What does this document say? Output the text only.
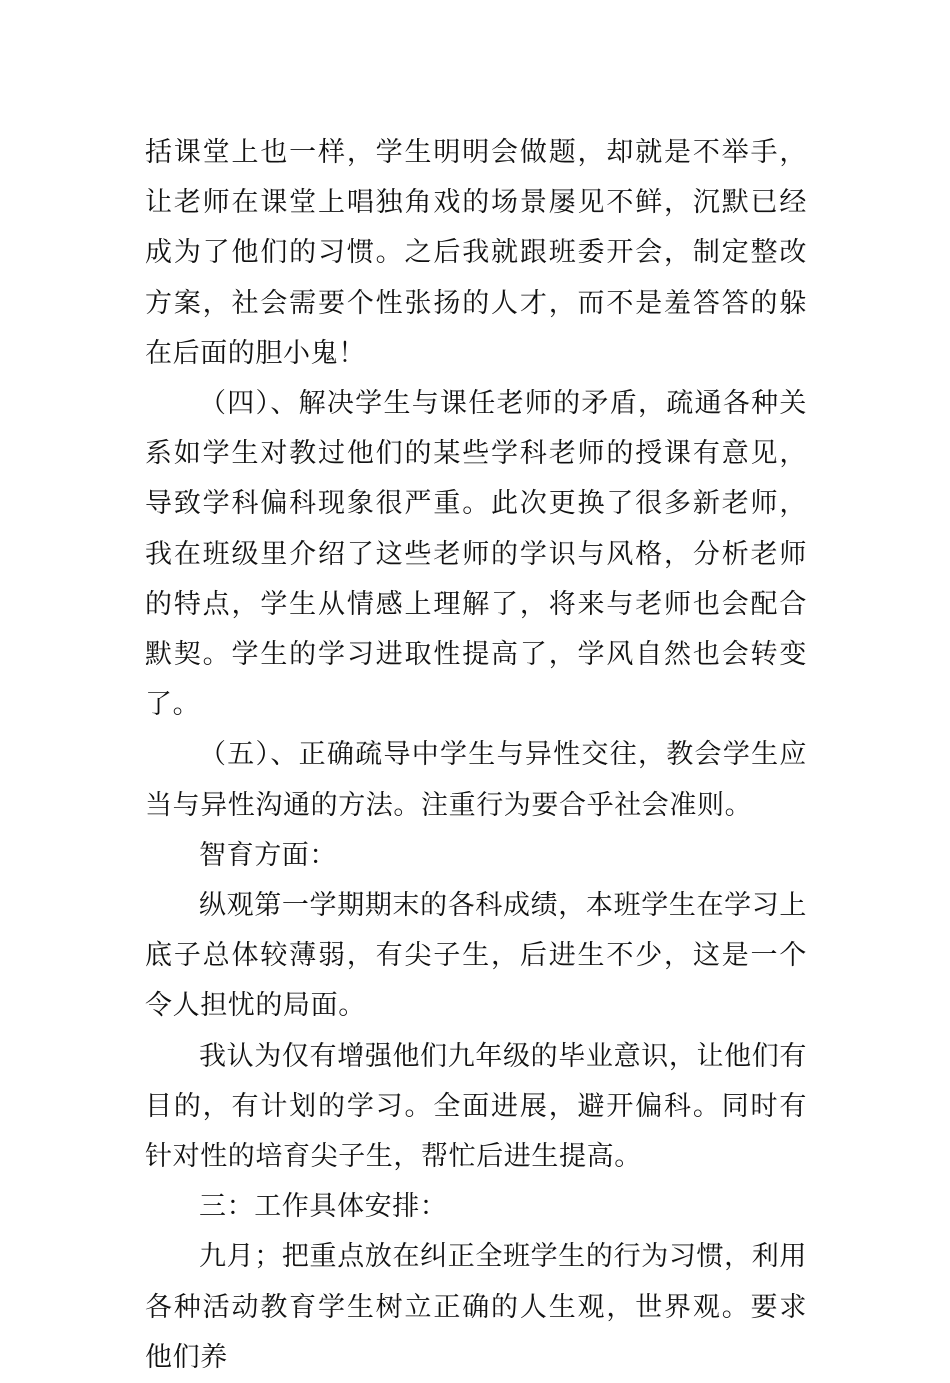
括课堂上也一样，学生明明会做题，却就是不举手，让老师在课堂上唱独角戏的场景屡见不鲜，沉默已经成为了他们的习惯。之后我就跟班委开会，制定整改方案，社会需要个性张扬的人才，而不是羞答答的躲在后面的胆小鬼！

（四）、解决学生与课任老师的矛盾，疏通各种关系如学生对教过他们的某些学科老师的授课有意见，导致学科偏科现象很严重。此次更换了很多新老师，我在班级里介绍了这些老师的学识与风格，分析老师的特点，学生从情感上理解了，将来与老师也会配合默契。学生的学习进取性提高了，学风自然也会转变了。

（五）、正确疏导中学生与异性交往，教会学生应当与异性沟通的方法。注重行为要合乎社会准则。

智育方面：

纵观第一学期期末的各科成绩，本班学生在学习上底子总体较薄弱，有尖子生，后进生不少，这是一个令人担忧的局面。

我认为仅有增强他们九年级的毕业意识，让他们有目的，有计划的学习。全面进展，避开偏科。同时有针对性的培育尖子生，帮忙后进生提高。

三：工作具体安排：

九月；把重点放在纠正全班学生的行为习惯，利用各种活动教育学生树立正确的人生观，世界观。要求他们养
